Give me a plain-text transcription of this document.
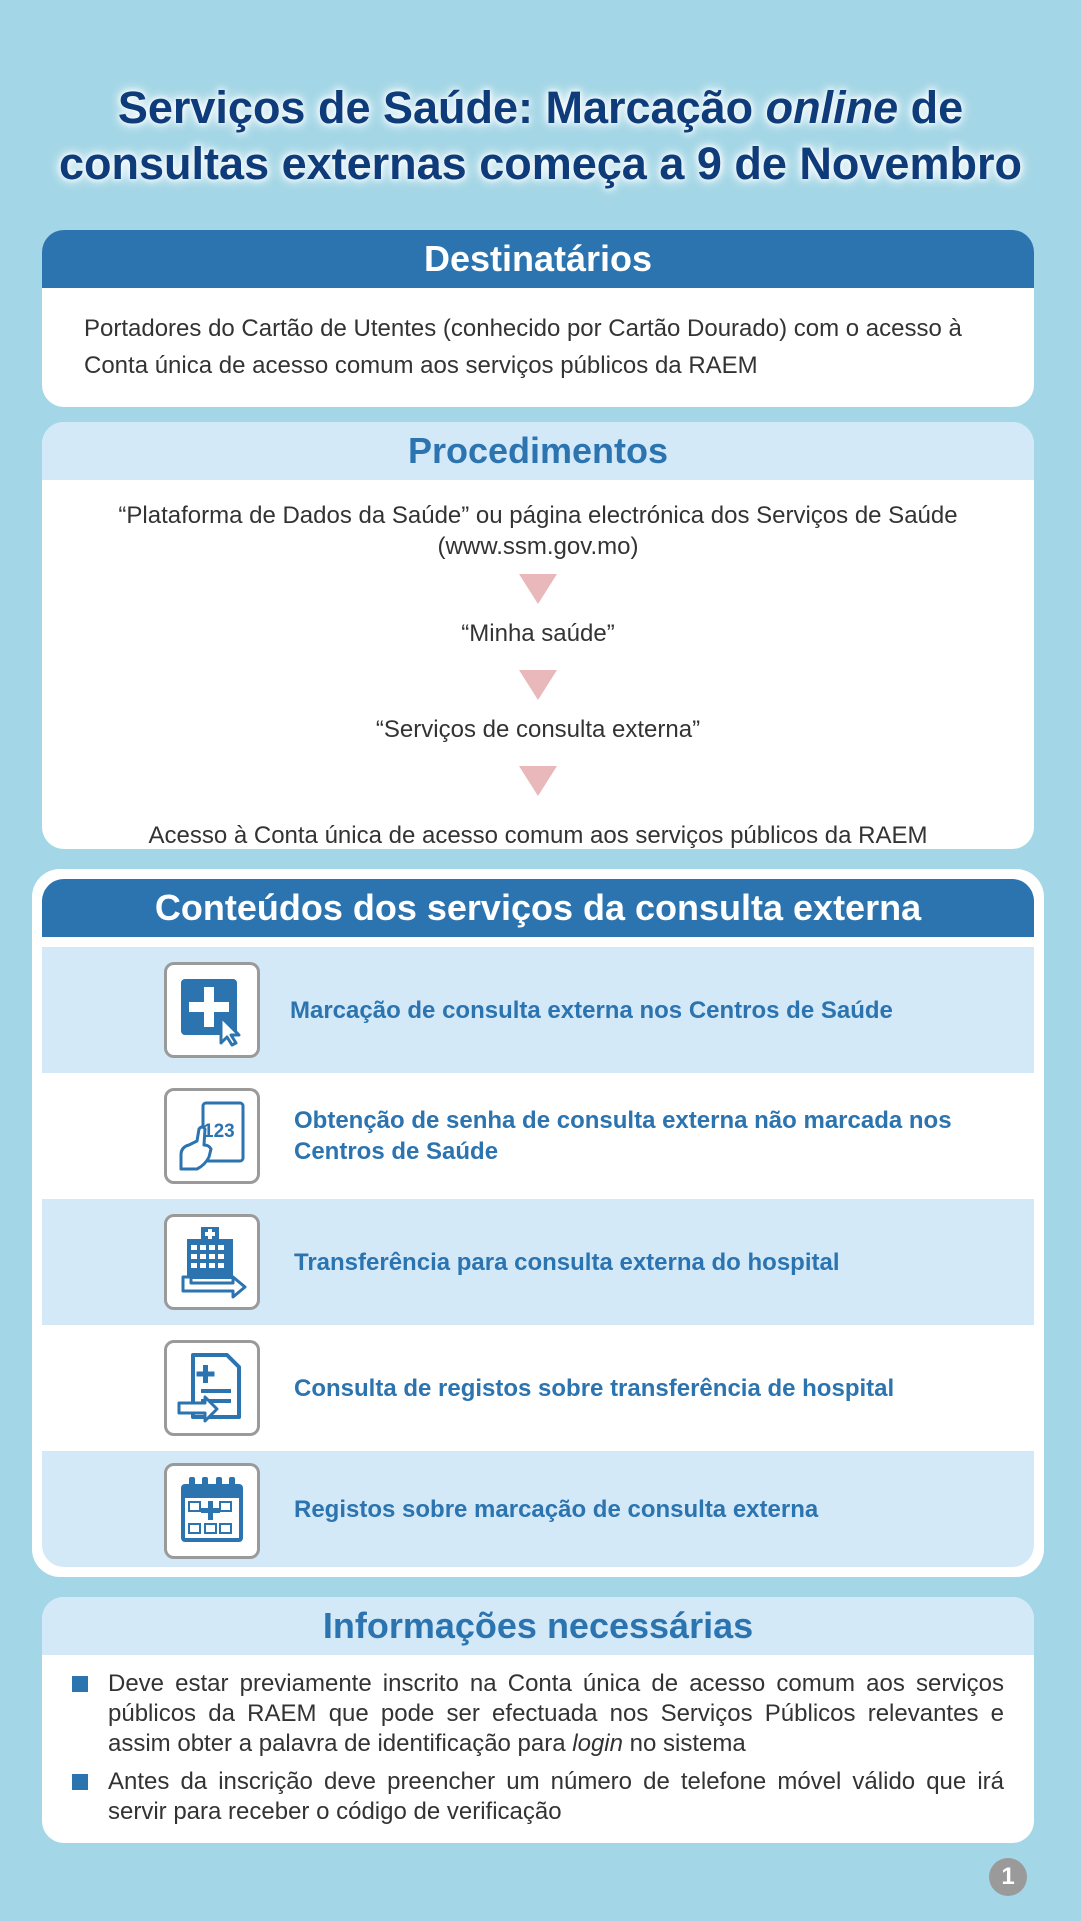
Serviços de Saúde: Marcação online de
consultas externas começa a 9 de Novembro
Destinatários
Portadores do Cartão de Utentes (conhecido por Cartão Dourado) com o acesso à Conta única de acesso comum aos serviços públicos da RAEM
Procedimentos
“Plataforma de Dados da Saúde” ou página electrónica dos Serviços de Saúde (www.ssm.gov.mo)
“Minha saúde”
“Serviços de consulta externa”
Acesso à Conta única de acesso comum aos serviços públicos da RAEM
Conteúdos dos serviços da consulta externa
Marcação de consulta externa nos Centros de Saúde
123 Obtenção de senha de consulta externa não marcada nos Centros de Saúde
Transferência para consulta externa do hospital
Consulta de registos sobre transferência de hospital
Registos sobre marcação de consulta externa
Informações necessárias
Deve estar previamente inscrito na Conta única de acesso comum aos serviços públicos da RAEM que pode ser efectuada nos Serviços Públicos relevantes e assim obter a palavra de identificação para login no sistema
Antes da inscrição deve preencher um número de telefone móvel válido que irá servir para receber o código de verificação
1
